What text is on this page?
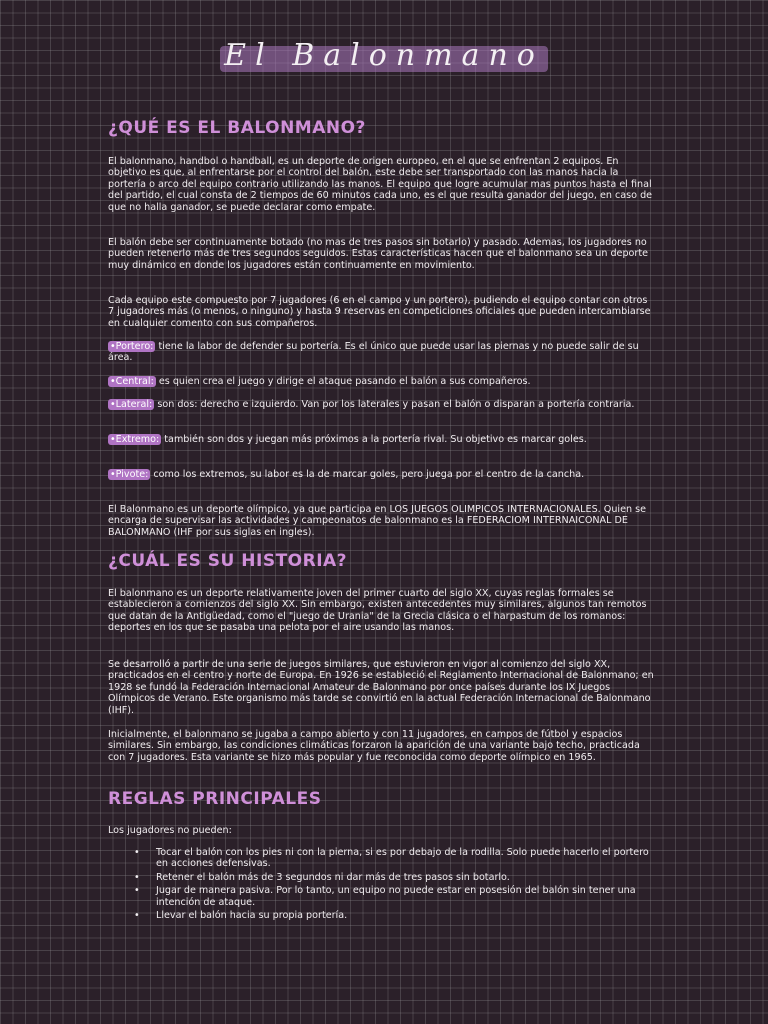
El Balonmano
¿QUÉ ES EL BALONMANO?

El balonmano, handbol o handball, es un deporte de origen europeo, en el que se enfrentan 2 equipos. En objetivo es que, al enfrentarse por el control del balón, este debe ser transportado con las manos hacia la portería o arco del equipo contrario utilizando las manos. El equipo que logre acumular mas puntos hasta el final del partido, el cual consta de 2 tiempos de 60 minutos cada uno, es el que resulta ganador del juego, en caso de que no halla ganador, se puede declarar como empate.

El balón debe ser continuamente botado (no mas de tres pasos sin botarlo) y pasado. Ademas, los jugadores no pueden retenerlo más de tres segundos seguidos. Estas características hacen que el balonmano sea un deporte muy dinámico en donde los jugadores están continuamente en movimiento.

Cada equipo este compuesto por 7 jugadores (6 en el campo y un portero), pudiendo el equipo contar con otros 7 jugadores más (o menos, o ninguno) y hasta 9 reservas en competiciones oficiales que pueden intercambiarse en cualquier comento con sus compañeros.

•Portero: tiene la labor de defender su portería. Es el único que puede usar las piernas y no puede salir de su área.

•Central: es quien crea el juego y dirige el ataque pasando el balón a sus compañeros.

•Lateral: son dos: derecho e izquierdo. Van por los laterales y pasan el balón o disparan a portería contraria.

•Extremo: también son dos y juegan más próximos a la portería rival. Su objetivo es marcar goles.

•Pivote: como los extremos, su labor es la de marcar goles, pero juega por el centro de la cancha.

El Balonmano es un deporte olímpico, ya que participa en LOS JUEGOS OLIMPICOS INTERNACIONALES. Quien se encarga de supervisar las actividades y campeonatos de balonmano es la FEDERACIOM INTERNAICONAL DE BALONMANO (IHF por sus siglas en ingles).

¿CUÁL ES SU HISTORIA?

El balonmano es un deporte relativamente joven del primer cuarto del siglo XX, cuyas reglas formales se establecieron a comienzos del siglo XX. Sin embargo, existen antecedentes muy similares, algunos tan remotos que datan de la Antigüedad, como el "juego de Urania" de la Grecia clásica o el harpastum de los romanos: deportes en los que se pasaba una pelota por el aire usando las manos.

Se desarrolló a partir de una serie de juegos similares, que estuvieron en vigor al comienzo del siglo XX, practicados en el centro y norte de Europa. En 1926 se estableció el Reglamento Internacional de Balonmano; en 1928 se fundó la Federación Internacional Amateur de Balonmano por once países durante los IX Juegos Olímpicos de Verano. Este organismo más tarde se convirtió en la actual Federación Internacional de Balonmano (IHF).

Inicialmente, el balonmano se jugaba a campo abierto y con 11 jugadores, en campos de fútbol y espacios similares. Sin embargo, las condiciones climáticas forzaron la aparición de una variante bajo techo, practicada con 7 jugadores. Esta variante se hizo más popular y fue reconocida como deporte olímpico en 1965.

REGLAS PRINCIPALES

Los jugadores no pueden:

• Tocar el balón con los pies ni con la pierna, si es por debajo de la rodilla. Solo puede hacerlo el portero en acciones defensivas.
• Retener el balón más de 3 segundos ni dar más de tres pasos sin botarlo.
• Jugar de manera pasiva. Por lo tanto, un equipo no puede estar en posesión del balón sin tener una intención de ataque.
• Llevar el balón hacia su propia portería.
